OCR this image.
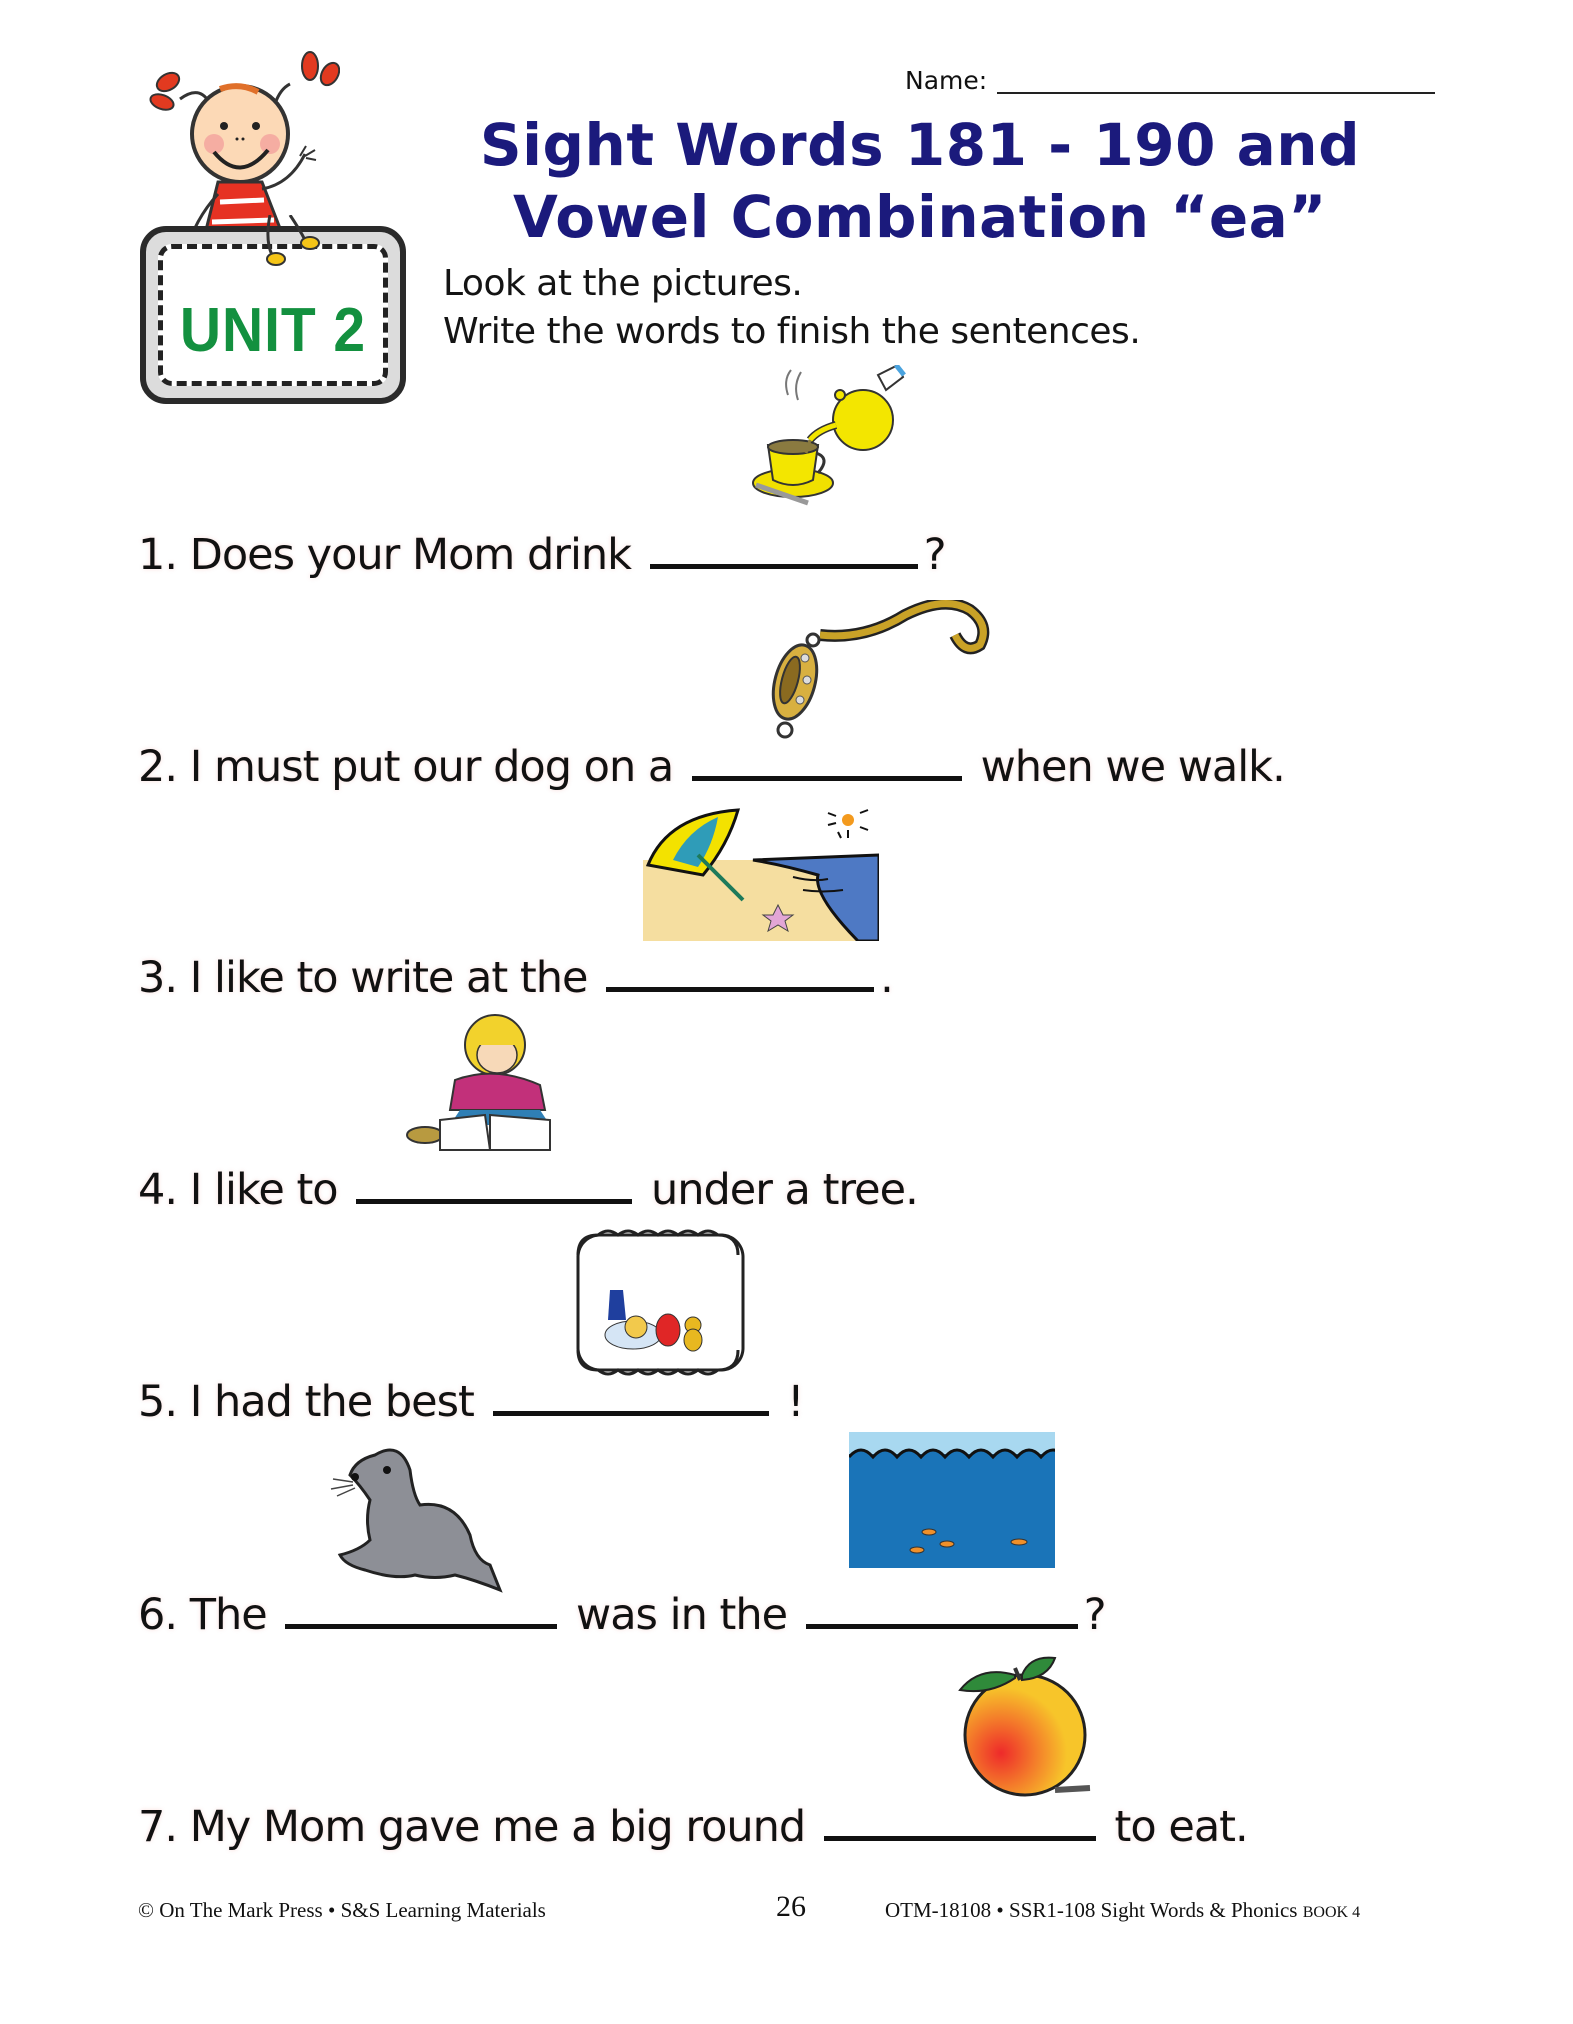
UNIT 2
Name:
Sight Words 181 - 190 and
Vowel Combination “ea”
Look at the pictures.
Write the words to finish the sentences.
1. Does your Mom drink	?
2. I must put our dog on a	when we walk.
3. I like to write at the	.
4. I like to	under a tree.
5. I had the best	!
6. The	was in the	?
7. My Mom gave me a big round	to eat.
© On The Mark Press • S&S Learning Materials	26	OTM-18108 • SSR1-108 Sight Words & Phonics BOOK 4
